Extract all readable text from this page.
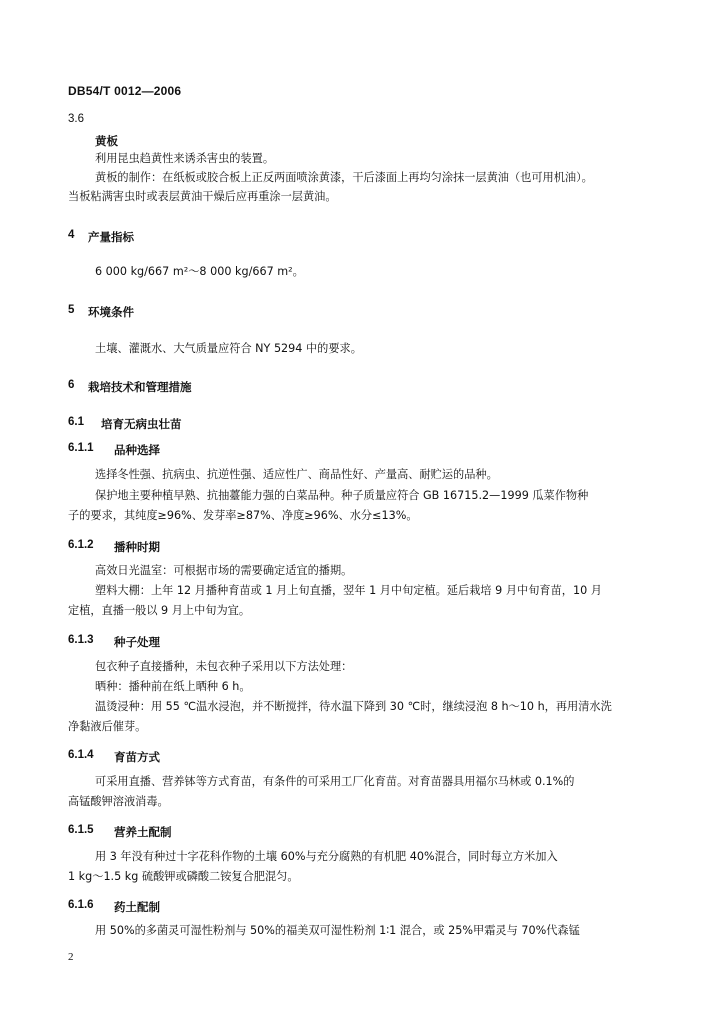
DB54/T 0012—2006
3.6
黄板
利用昆虫趋黄性来诱杀害虫的装置。
黄板的制作：在纸板或胶合板上正反两面喷涂黄漆，干后漆面上再均匀涂抹一层黄油（也可用机油）。
当板粘满害虫时或表层黄油干燥后应再重涂一层黄油。
4 产量指标
6 000 kg/667 m²～8 000 kg/667 m²。
5 环境条件
土壤、灌溉水、大气质量应符合 NY 5294 中的要求。
6 栽培技术和管理措施
6.1 培育无病虫壮苗
6.1.1 品种选择
选择冬性强、抗病虫、抗逆性强、适应性广、商品性好、产量高、耐贮运的品种。
保护地主要种植早熟、抗抽薹能力强的白菜品种。种子质量应符合 GB 16715.2—1999 瓜菜作物种
子的要求，其纯度≥96%、发芽率≥87%、净度≥96%、水分≤13%。
6.1.2 播种时期
高效日光温室：可根据市场的需要确定适宜的播期。
塑料大棚：上年 12 月播种育苗或 1 月上旬直播，翌年 1 月中旬定植。延后栽培 9 月中旬育苗，10 月
定植，直播一般以 9 月上中旬为宜。
6.1.3 种子处理
包衣种子直接播种，未包衣种子采用以下方法处理：
晒种：播种前在纸上晒种 6 h。
温烫浸种：用 55 ℃温水浸泡，并不断搅拌，待水温下降到 30 ℃时，继续浸泡 8 h～10 h，再用清水洗
净黏液后催芽。
6.1.4 育苗方式
可采用直播、营养钵等方式育苗，有条件的可采用工厂化育苗。对育苗器具用福尔马林或 0.1%的
高锰酸钾溶液消毒。
6.1.5 营养土配制
用 3 年没有种过十字花科作物的土壤 60%与充分腐熟的有机肥 40%混合，同时每立方米加入
1 kg～1.5 kg 硫酸钾或磷酸二铵复合肥混匀。
6.1.6 药土配制
用 50%的多菌灵可湿性粉剂与 50%的福美双可湿性粉剂 1∶1 混合，或 25%甲霜灵与 70%代森锰
2
